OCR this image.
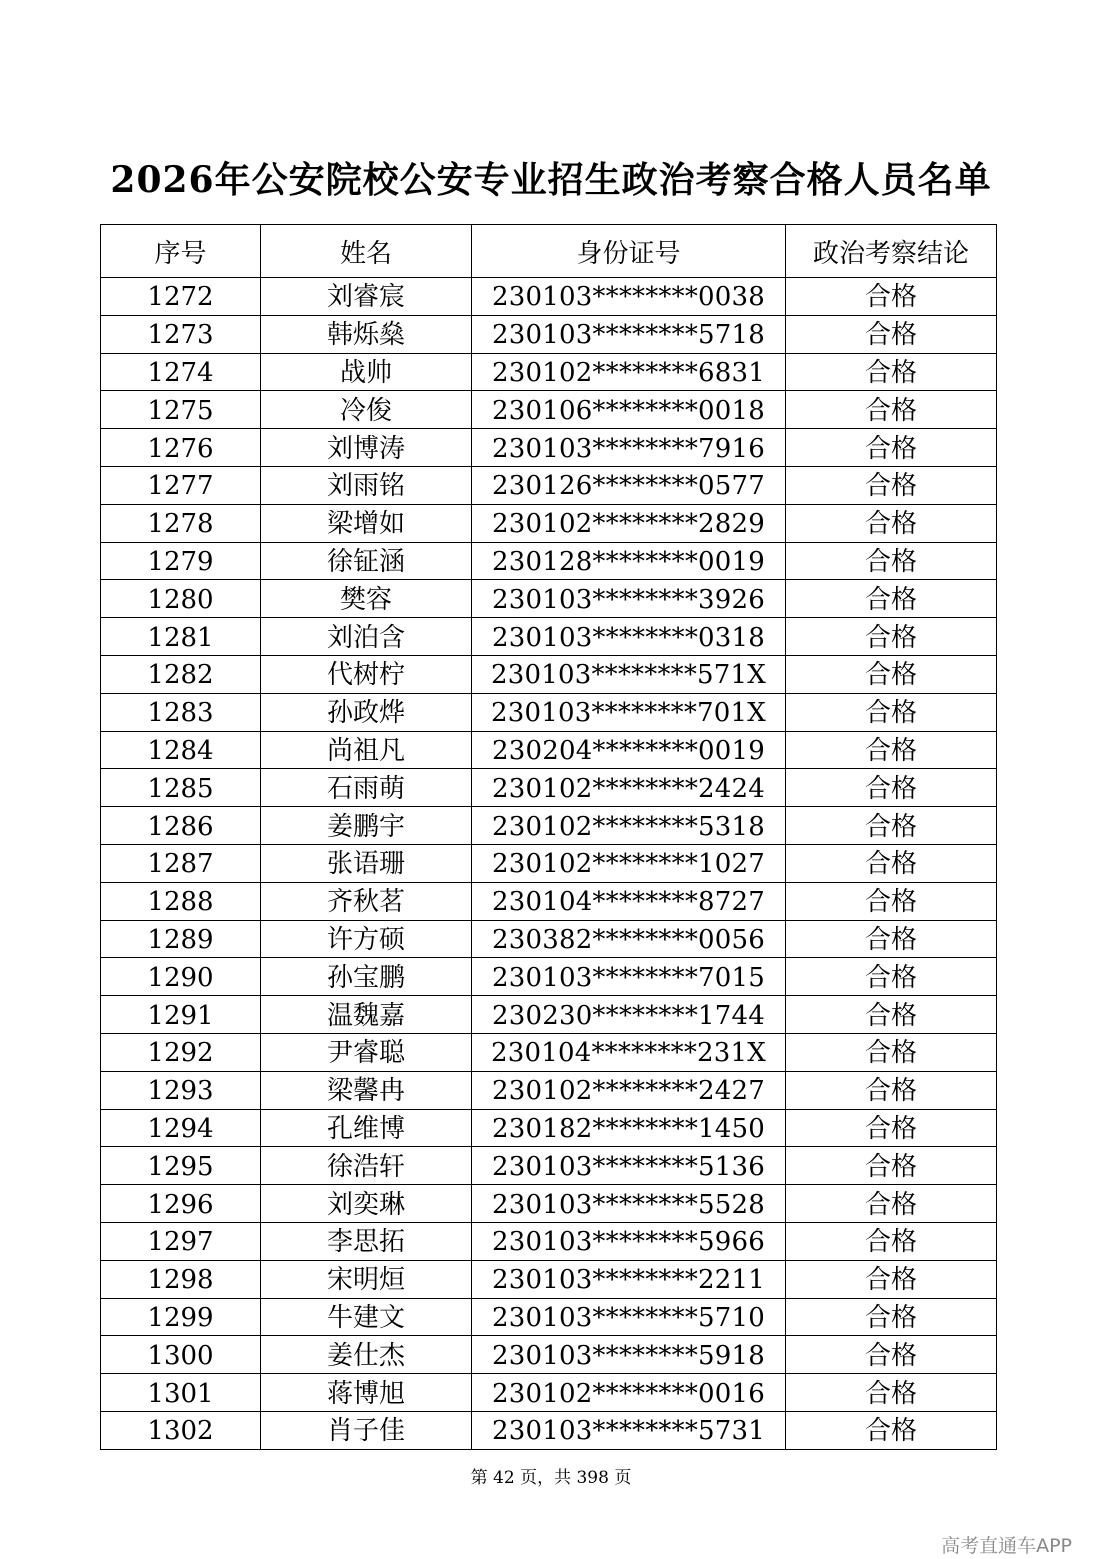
2026年公安院校公安专业招生政治考察合格人员名单
序号	姓名	身份证号	政治考察结论
1272	刘睿宸	230103********0038	合格
1273	韩烁燊	230103********5718	合格
1274	战帅	230102********6831	合格
1275	冷俊	230106********0018	合格
1276	刘博涛	230103********7916	合格
1277	刘雨铭	230126********0577	合格
1278	梁增如	230102********2829	合格
1279	徐钲涵	230128********0019	合格
1280	樊容	230103********3926	合格
1281	刘泊含	230103********0318	合格
1282	代树柠	230103********571X	合格
1283	孙政烨	230103********701X	合格
1284	尚祖凡	230204********0019	合格
1285	石雨萌	230102********2424	合格
1286	姜鹏宇	230102********5318	合格
1287	张语珊	230102********1027	合格
1288	齐秋茗	230104********8727	合格
1289	许方硕	230382********0056	合格
1290	孙宝鹏	230103********7015	合格
1291	温魏嘉	230230********1744	合格
1292	尹睿聪	230104********231X	合格
1293	梁馨冉	230102********2427	合格
1294	孔维博	230182********1450	合格
1295	徐浩轩	230103********5136	合格
1296	刘奕琳	230103********5528	合格
1297	李思拓	230103********5966	合格
1298	宋明烜	230103********2211	合格
1299	牛建文	230103********5710	合格
1300	姜仕杰	230103********5918	合格
1301	蒋博旭	230102********0016	合格
1302	肖子佳	230103********5731	合格
第 42 页，共 398 页
高考直通车APP
